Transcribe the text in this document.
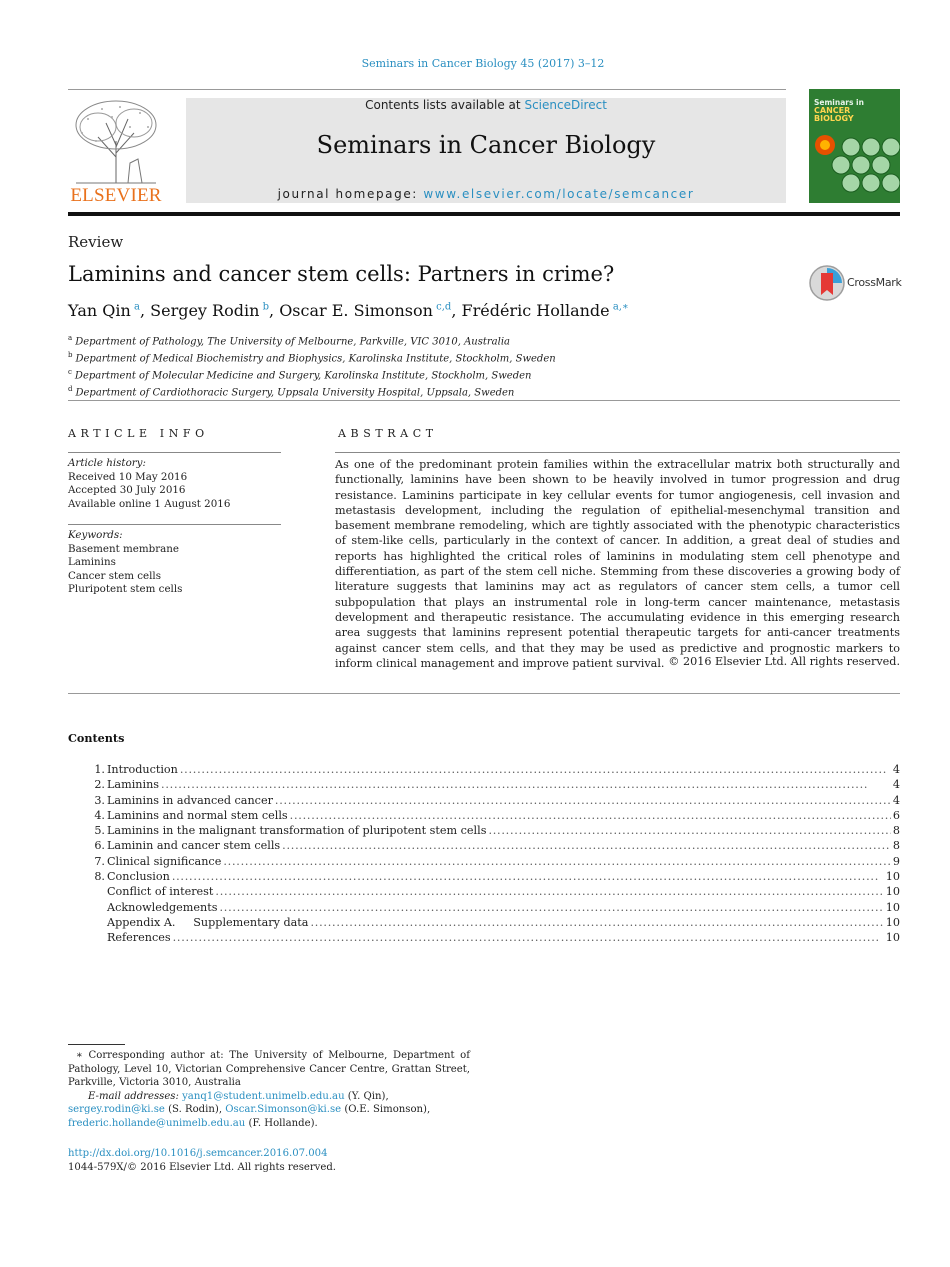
Seminars in Cancer Biology 45 (2017) 3–12
ELSEVIER
Contents lists available at ScienceDirect
Seminars in Cancer Biology
journal homepage: www.elsevier.com/locate/semcancer
Seminars in
CANCER
BIOLOGY
Review
Laminins and cancer stem cells: Partners in crime?	CrossMark
Yan Qin  $^a$, Sergey Rodin  $^b$, Oscar E. Simonson  $^{c,d}$, Frédéric Hollande  $^{a,∗}$
$^a$ Department of Pathology, The University of Melbourne, Parkville, VIC 3010, Australia
$^b$ Department of Medical Biochemistry and Biophysics, Karolinska Institute, Stockholm, Sweden
$^c$ Department of Molecular Medicine and Surgery, Karolinska Institute, Stockholm, Sweden
$^d$ Department of Cardiothoracic Surgery, Uppsala University Hospital, Uppsala, Sweden
ARTICLE INFO
Article history:
Received 10 May 2016
Accepted 30 July 2016
Available online 1 August 2016
Keywords:
Basement membrane
Laminins
Cancer stem cells
Pluripotent stem cells
ABSTRACT
As one of the predominant protein families within the extracellular matrix both structurally and functionally, laminins have been shown to be heavily involved in tumor progression and drug resistance. Laminins participate in key cellular events for tumor angiogenesis, cell invasion and metastasis development, including the regulation of epithelial-mesenchymal transition and basement membrane remodeling, which are tightly associated with the phenotypic characteristics of stem-like cells, particularly in the context of cancer. In addition, a great deal of studies and reports has highlighted the critical roles of laminins in modulating stem cell phenotype and differentiation, as part of the stem cell niche. Stemming from these discoveries a growing body of literature suggests that laminins may act as regulators of cancer stem cells, a tumor cell subpopulation that plays an instrumental role in long-term cancer maintenance, metastasis development and therapeutic resistance. The accumulating evidence in this emerging research area suggests that laminins represent potential therapeutic targets for anti-cancer treatments against cancer stem cells, and that they may be used as predictive and prognostic markers to inform clinical management and improve patient survival. © 2016 Elsevier Ltd. All rights reserved.
Contents
1. Introduction . . .	4
2. Laminins . . .	4
3. Laminins in advanced cancer . . .	4
4. Laminins and normal stem cells . . .	6
5. Laminins in the malignant transformation of pluripotent stem cells . . .	8
6. Laminin and cancer stem cells . . .	8
7. Clinical significance . . .	9
8. Conclusion . . .	10
Conflict of interest . . .	10
Acknowledgements . . .	10
Appendix A.     Supplementary data . . .	10
References . . .	10
∗ Corresponding author at: The University of Melbourne, Department of Pathology, Level 10, Victorian Comprehensive Cancer Centre, Grattan Street, Parkville, Victoria 3010, Australia
E-mail addresses: yanq1@student.unimelb.edu.au (Y. Qin), sergey.rodin@ki.se (S. Rodin), Oscar.Simonson@ki.se (O.E. Simonson), frederic.hollande@unimelb.edu.au (F. Hollande).
http://dx.doi.org/10.1016/j.semcancer.2016.07.004
1044-579X/© 2016 Elsevier Ltd. All rights reserved.
